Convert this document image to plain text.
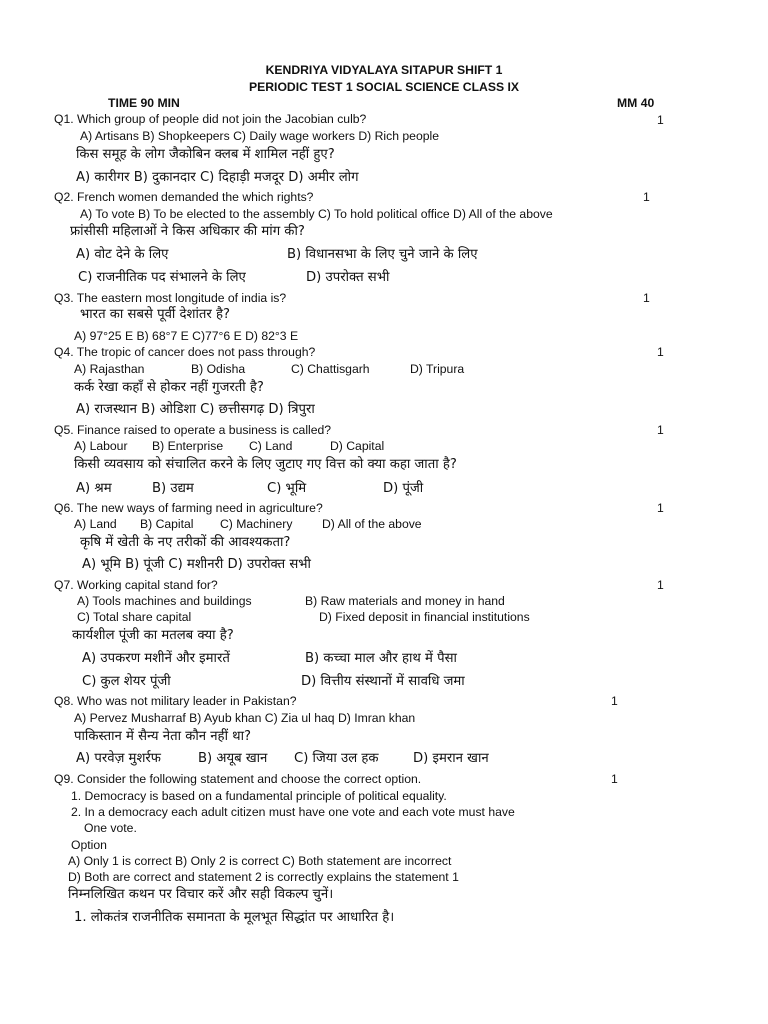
KENDRIYA VIDYALAYA SITAPUR SHIFT 1
PERIODIC TEST 1 SOCIAL SCIENCE CLASS IX
TIME 90 MIN	MM 40
Q1. Which group of people did not join the Jacobian culb?	1
A) Artisans B) Shopkeepers C) Daily wage workers D) Rich people
किस समूह के लोग जैकोबिन क्लब में शामिल नहीं हुए?
A) कारीगर B) दुकानदार C) दिहाड़ी मजदूर D) अमीर लोग
Q2. French women demanded the which rights?	1
A) To vote B) To be elected to the assembly C) To hold political office D) All of the above
फ्रांसीसी महिलाओं ने किस अधिकार की मांग की?
A) वोट देने के लिए	B) विधानसभा के लिए चुने जाने के लिए
C) राजनीतिक पद संभालने के लिए	D) उपरोक्त सभी
Q3. The eastern most longitude of india is?	1
भारत का सबसे पूर्वी देशांतर है?
A) 97°25 E B) 68°7 E C)77°6 E D) 82°3 E
Q4. The tropic of cancer does not pass through?	1
A) Rajasthan	B) Odisha	C) Chattisgarh	D) Tripura
कर्क रेखा कहाँ से होकर नहीं गुजरती है?
A) राजस्थान B) ओडिशा C) छत्तीसगढ़ D) त्रिपुरा
Q5. Finance raised to operate a business is called?	1
A) Labour B) Enterprise C) Land	D) Capital
किसी व्यवसाय को संचालित करने के लिए जुटाए गए वित्त को क्या कहा जाता है?
A) श्रम	B) उद्यम	C) भूमि	D) पूंजी
Q6. The new ways of farming need in agriculture?	1
A) Land B) Capital C) Machinery D) All of the above
कृषि में खेती के नए तरीकों की आवश्यकता?
A) भूमि B) पूंजी C) मशीनरी D) उपरोक्त सभी
Q7. Working capital stand for?	1
A) Tools machines and buildings	B) Raw materials and money in hand
C) Total share capital	D) Fixed deposit in financial institutions
कार्यशील पूंजी का मतलब क्या है?
A) उपकरण मशीनें और इमारतें	B) कच्चा माल और हाथ में पैसा
C) कुल शेयर पूंजी	D) वित्तीय संस्थानों में सावधि जमा
Q8. Who was not military leader in Pakistan?	1
A) Pervez Musharraf B) Ayub khan C) Zia ul haq D) Imran khan
पाकिस्तान में सैन्य नेता कौन नहीं था?
A) परवेज़ मुशर्रफ	B) अयूब खान C) जिया उल हक	D) इमरान खान
Q9. Consider the following statement and choose the correct option.	1
1. Democracy is based on a fundamental principle of political equality.
2. In a democracy each adult citizen must have one vote and each vote must have
One vote.
Option
A) Only 1 is correct B) Only 2 is correct C) Both statement are incorrect
D) Both are correct and statement 2 is correctly explains the statement 1
निम्नलिखित कथन पर विचार करें और सही विकल्प चुनें।
1. लोकतंत्र राजनीतिक समानता के मूलभूत सिद्धांत पर आधारित है।
